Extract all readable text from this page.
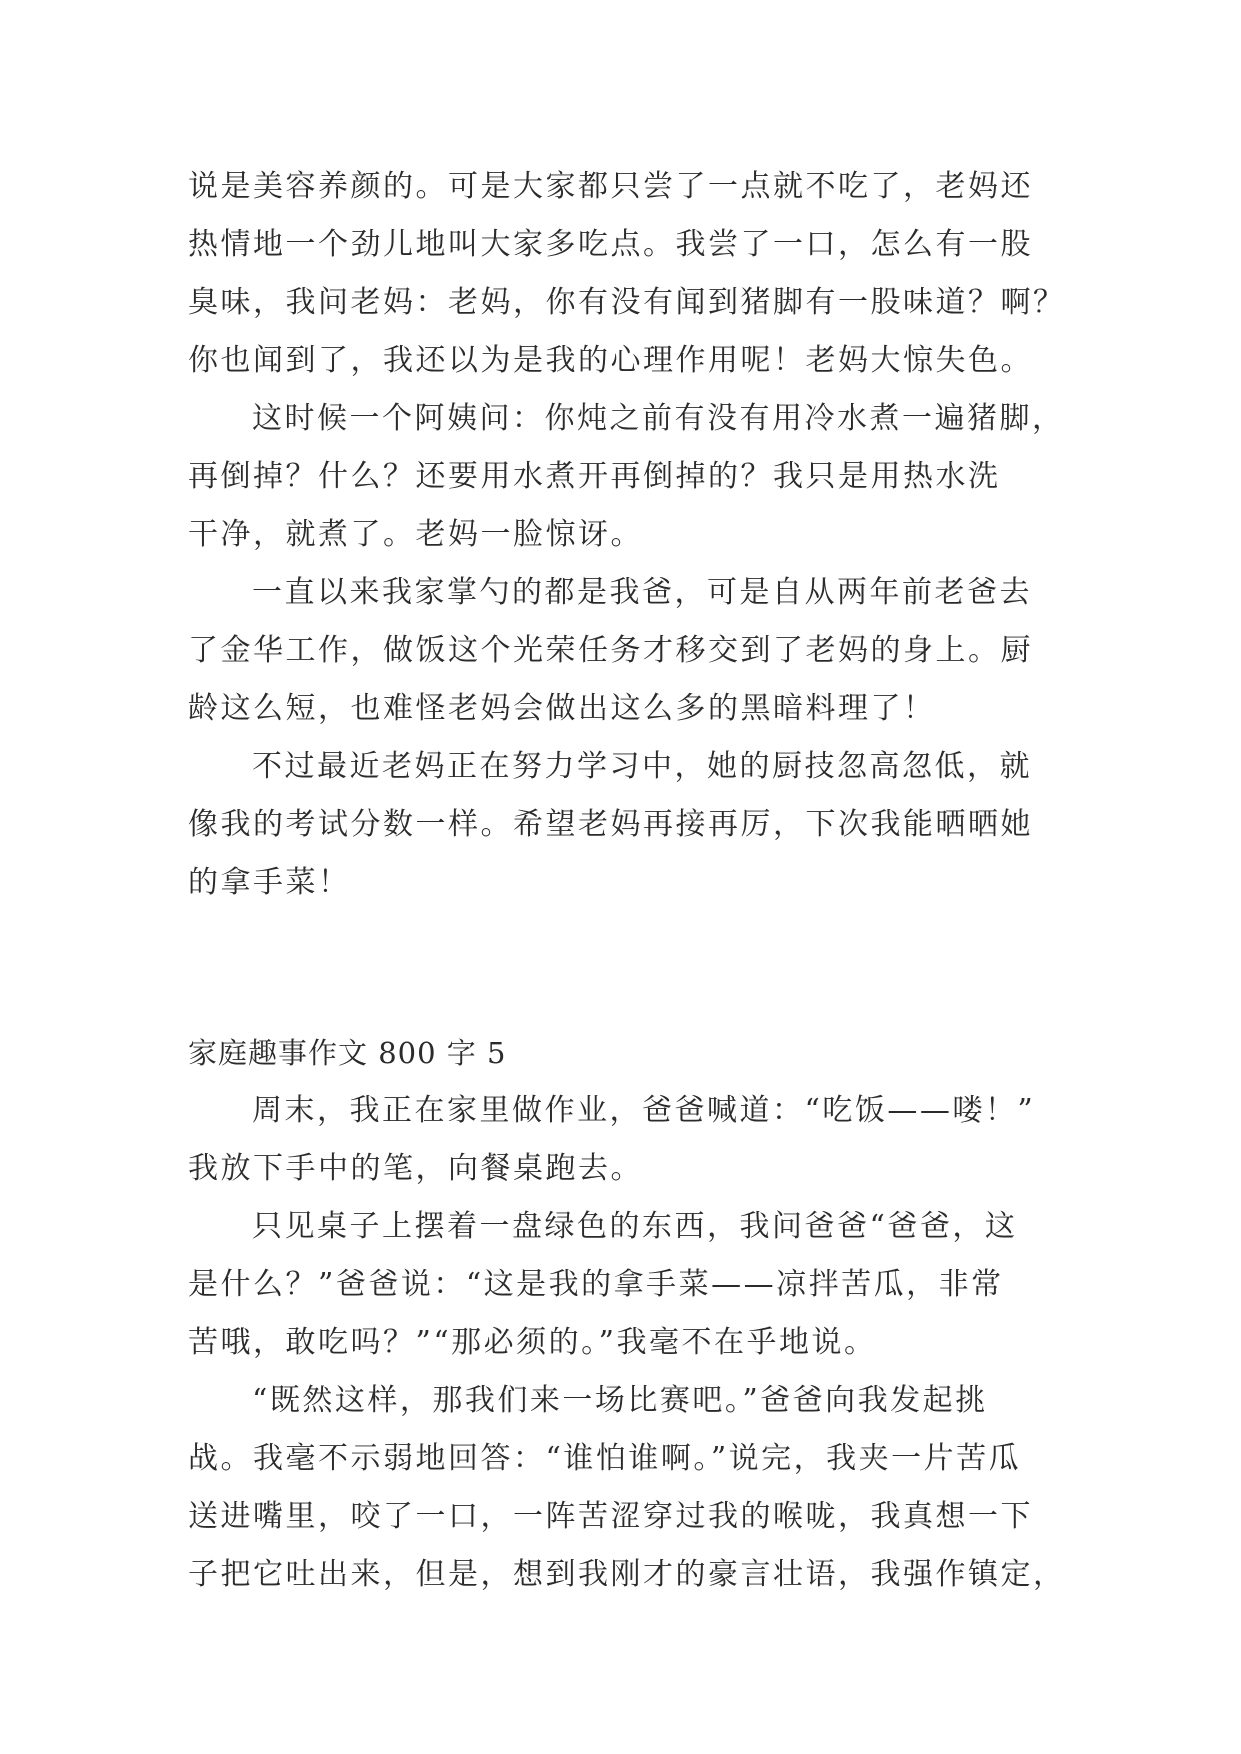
说是美容养颜的。可是大家都只尝了一点就不吃了，老妈还
热情地一个劲儿地叫大家多吃点。我尝了一口，怎么有一股
臭味，我问老妈：老妈，你有没有闻到猪脚有一股味道？啊？
你也闻到了，我还以为是我的心理作用呢！老妈大惊失色。
这时候一个阿姨问：你炖之前有没有用冷水煮一遍猪脚，
再倒掉？什么？还要用水煮开再倒掉的？我只是用热水洗
干净，就煮了。老妈一脸惊讶。
一直以来我家掌勺的都是我爸，可是自从两年前老爸去
了金华工作，做饭这个光荣任务才移交到了老妈的身上。厨
龄这么短，也难怪老妈会做出这么多的黑暗料理了！
不过最近老妈正在努力学习中，她的厨技忽高忽低，就
像我的考试分数一样。希望老妈再接再厉，下次我能晒晒她
的拿手菜！
家庭趣事作文 800 字 5
周末，我正在家里做作业，爸爸喊道：“吃饭——喽！”
我放下手中的笔，向餐桌跑去。
只见桌子上摆着一盘绿色的东西，我问爸爸“爸爸，这
是什么？”爸爸说：“这是我的拿手菜——凉拌苦瓜，非常
苦哦，敢吃吗？”“那必须的。”我毫不在乎地说。
“既然这样，那我们来一场比赛吧。”爸爸向我发起挑
战。我毫不示弱地回答：“谁怕谁啊。”说完，我夹一片苦瓜
送进嘴里，咬了一口，一阵苦涩穿过我的喉咙，我真想一下
子把它吐出来，但是，想到我刚才的豪言壮语，我强作镇定，
